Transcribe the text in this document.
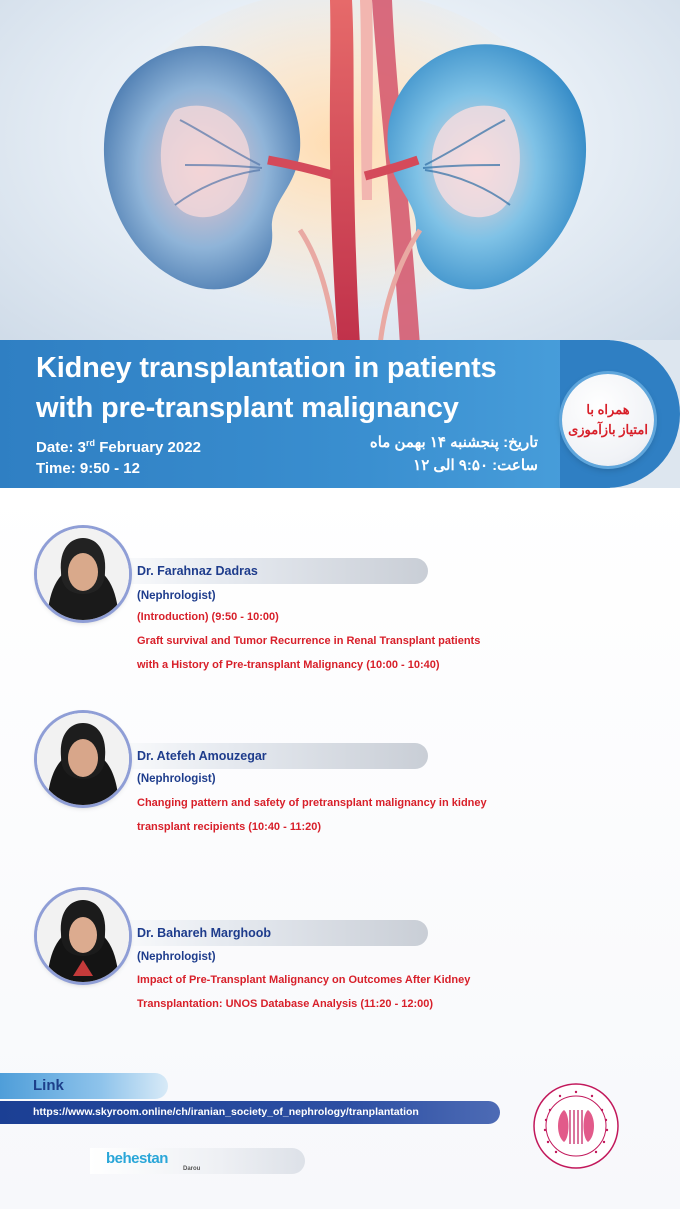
Kidney transplantation in patients
with pre-transplant malignancy
Date: 3rd February 2022
Time: 9:50 - 12
تاریخ: پنجشنبه ۱۴ بهمن ماه
ساعت: ۹:۵۰ الی ۱۲
همراه با
امتیاز بازآموزی
Dr. Farahnaz Dadras
(Nephrologist)
(Introduction) (9:50 - 10:00)
Graft survival and Tumor Recurrence in Renal Transplant patients
with a History of Pre-transplant Malignancy (10:00 - 10:40)
Dr. Atefeh Amouzegar
(Nephrologist)
Changing pattern and safety of pretransplant malignancy in kidney
transplant recipients (10:40 - 11:20)
Dr. Bahareh Marghoob
(Nephrologist)
Impact of Pre-Transplant Malignancy on Outcomes After Kidney
Transplantation: UNOS Database Analysis (11:20 - 12:00)
Link
https://www.skyroom.online/ch/iranian_society_of_nephrology/tranplantation
behestan
Darou
